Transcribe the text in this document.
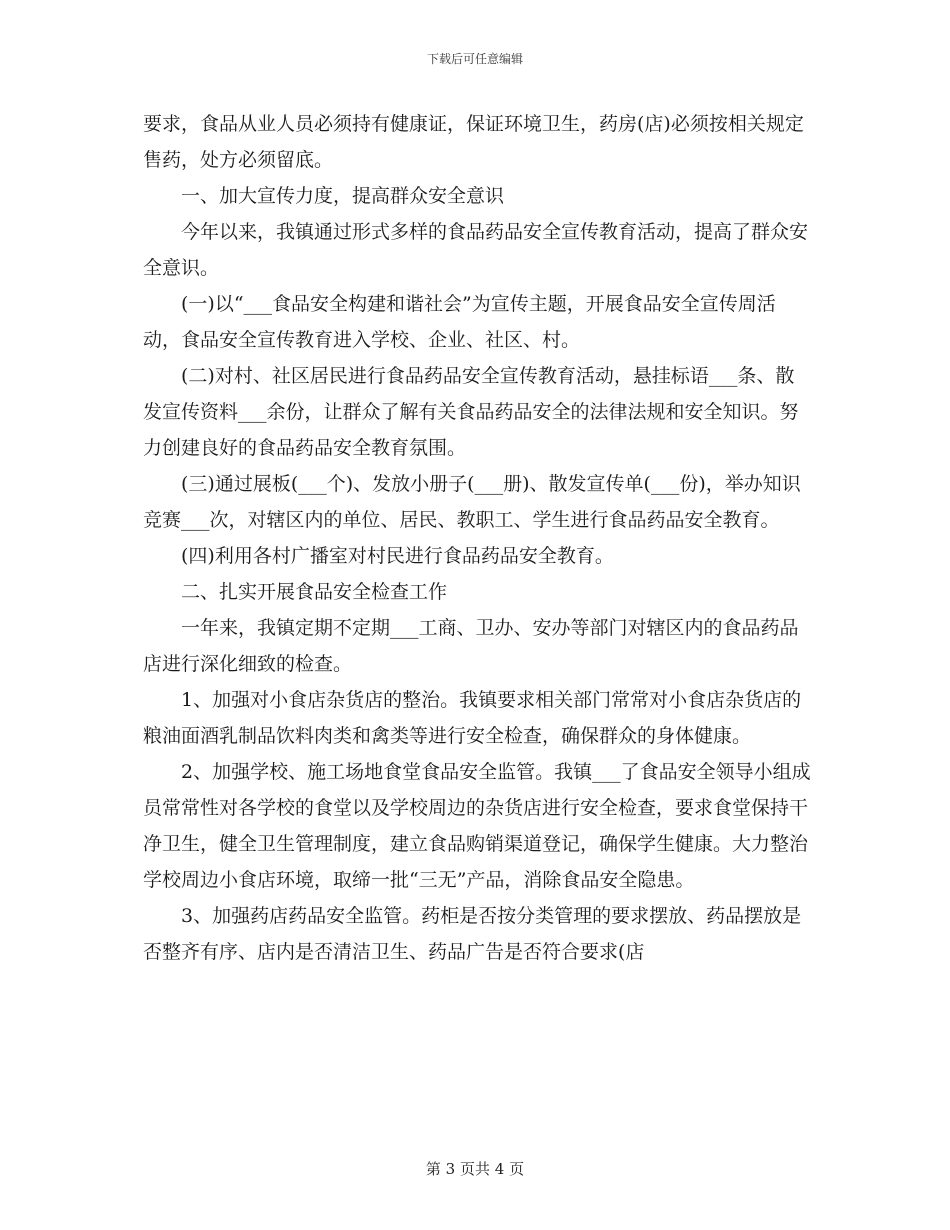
下载后可任意编辑

要求，食品从业人员必须持有健康证，保证环境卫生，药房(店)必须按相关规定售药，处方必须留底。

一、加大宣传力度，提高群众安全意识

今年以来，我镇通过形式多样的食品药品安全宣传教育活动，提高了群众安全意识。

(一)以“___食品安全构建和谐社会”为宣传主题，开展食品安全宣传周活动，食品安全宣传教育进入学校、企业、社区、村。

(二)对村、社区居民进行食品药品安全宣传教育活动，悬挂标语___条、散发宣传资料___余份，让群众了解有关食品药品安全的法律法规和安全知识。努力创建良好的食品药品安全教育氛围。

(三)通过展板(___个)、发放小册子(___册)、散发宣传单(___份)，举办知识竞赛___次，对辖区内的单位、居民、教职工、学生进行食品药品安全教育。

(四)利用各村广播室对村民进行食品药品安全教育。

二、扎实开展食品安全检查工作

一年来，我镇定期不定期___工商、卫办、安办等部门对辖区内的食品药品店进行深化细致的检查。

1、加强对小食店杂货店的整治。我镇要求相关部门常常对小食店杂货店的粮油面酒乳制品饮料肉类和禽类等进行安全检查，确保群众的身体健康。

2、加强学校、施工场地食堂食品安全监管。我镇___了食品安全领导小组成员常常性对各学校的食堂以及学校周边的杂货店进行安全检查，要求食堂保持干净卫生，健全卫生管理制度，建立食品购销渠道登记，确保学生健康。大力整治学校周边小食店环境，取缔一批“三无”产品，消除食品安全隐患。

3、加强药店药品安全监管。药柜是否按分类管理的要求摆放、药品摆放是否整齐有序、店内是否清洁卫生、药品广告是否符合要求(店

第 3 页共 4 页
